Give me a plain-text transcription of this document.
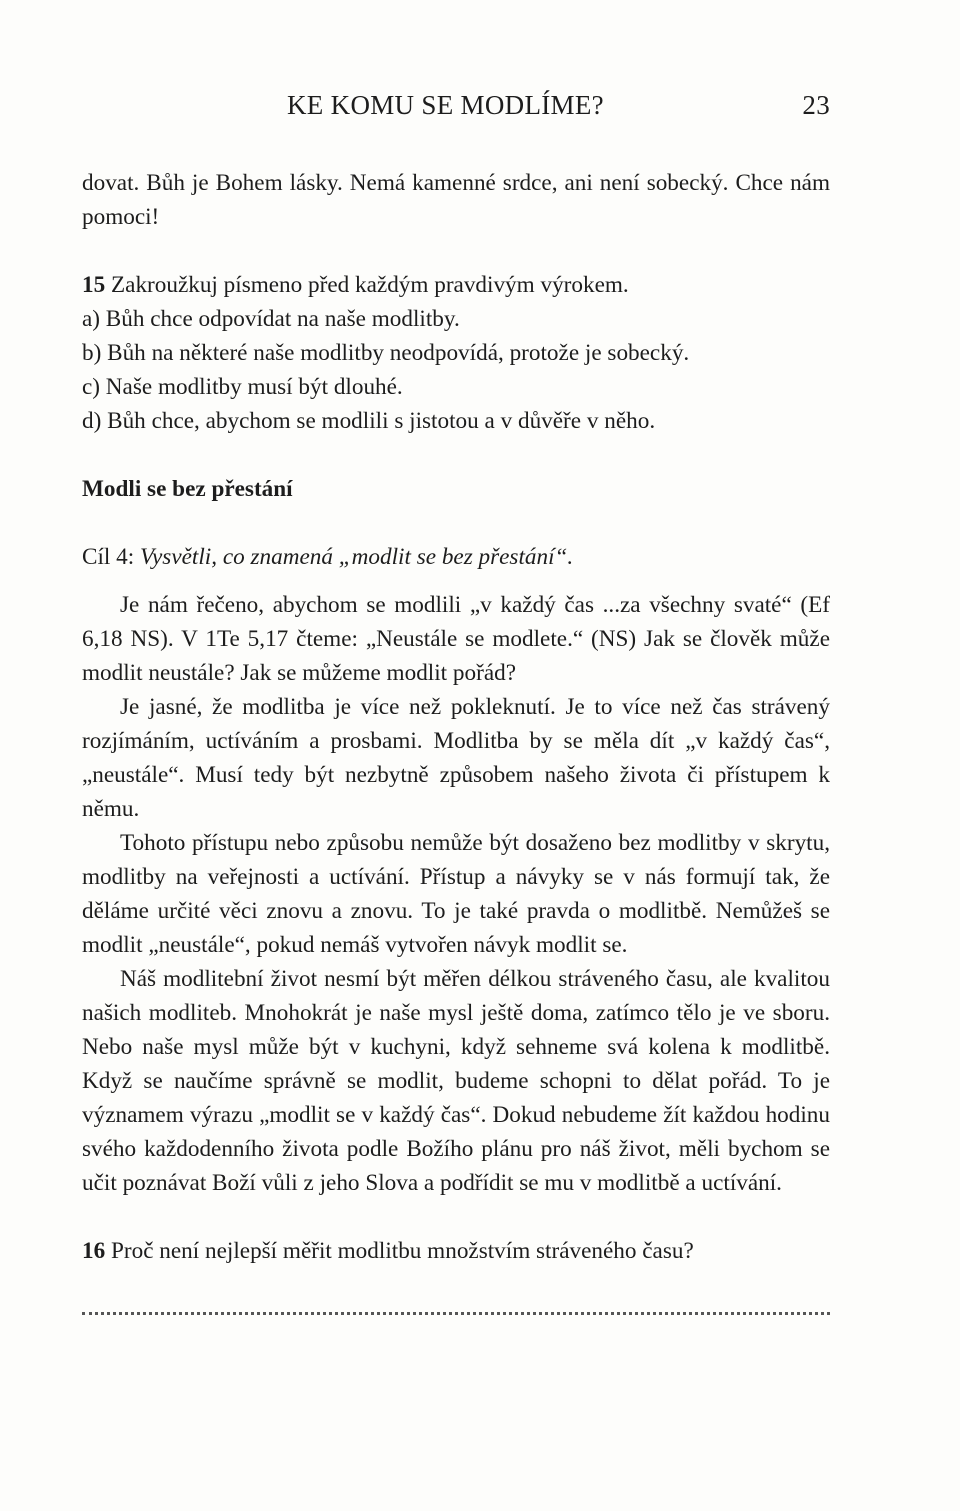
KE KOMU SE MODLÍME?	23

dovat. Bůh je Bohem lásky. Nemá kamenné srdce, ani není sobecký. Chce nám pomoci!

15 Zakroužkuj písmeno před každým pravdivým výrokem.

a) Bůh chce odpovídat na naše modlitby.

b) Bůh na některé naše modlitby neodpovídá, protože je sobecký.

c) Naše modlitby musí být dlouhé.

d) Bůh chce, abychom se modlili s jistotou a v důvěře v něho.

Modli se bez přestání

Cíl 4: Vysvětli, co znamená „modlit se bez přestání“.

Je nám řečeno, abychom se modlili „v každý čas ...za všechny svaté“ (Ef 6,18 NS). V 1Te 5,17 čteme: „Neustále se modlete.“ (NS) Jak se člověk může modlit neustále? Jak se můžeme modlit pořád?

Je jasné, že modlitba je více než pokleknutí. Je to více než čas strávený rozjímáním, uctíváním a prosbami. Modlitba by se měla dít „v každý čas“, „neustále“. Musí tedy být nezbytně způsobem našeho života či přístupem k němu.

Tohoto přístupu nebo způsobu nemůže být dosaženo bez modlitby v skrytu, modlitby na veřejnosti a uctívání. Přístup a návyky se v nás formují tak, že děláme určité věci znovu a znovu. To je také pravda o modlitbě. Nemůžeš se modlit „neustále“, pokud nemáš vytvořen návyk modlit se.

Náš modlitební život nesmí být měřen délkou stráveného času, ale kvalitou našich modliteb. Mnohokrát je naše mysl ještě doma, zatímco tělo je ve sboru. Nebo naše mysl může být v kuchyni, když sehneme svá kolena k modlitbě. Když se naučíme správně se modlit, budeme schopni to dělat pořád. To je významem výrazu „modlit se v každý čas“. Dokud nebudeme žít každou hodinu svého každodenního života podle Božího plánu pro náš život, měli bychom se učit poznávat Boží vůli z jeho Slova a podřídit se mu v modlitbě a uctívání.

16 Proč není nejlepší měřit modlitbu množstvím stráveného času?
